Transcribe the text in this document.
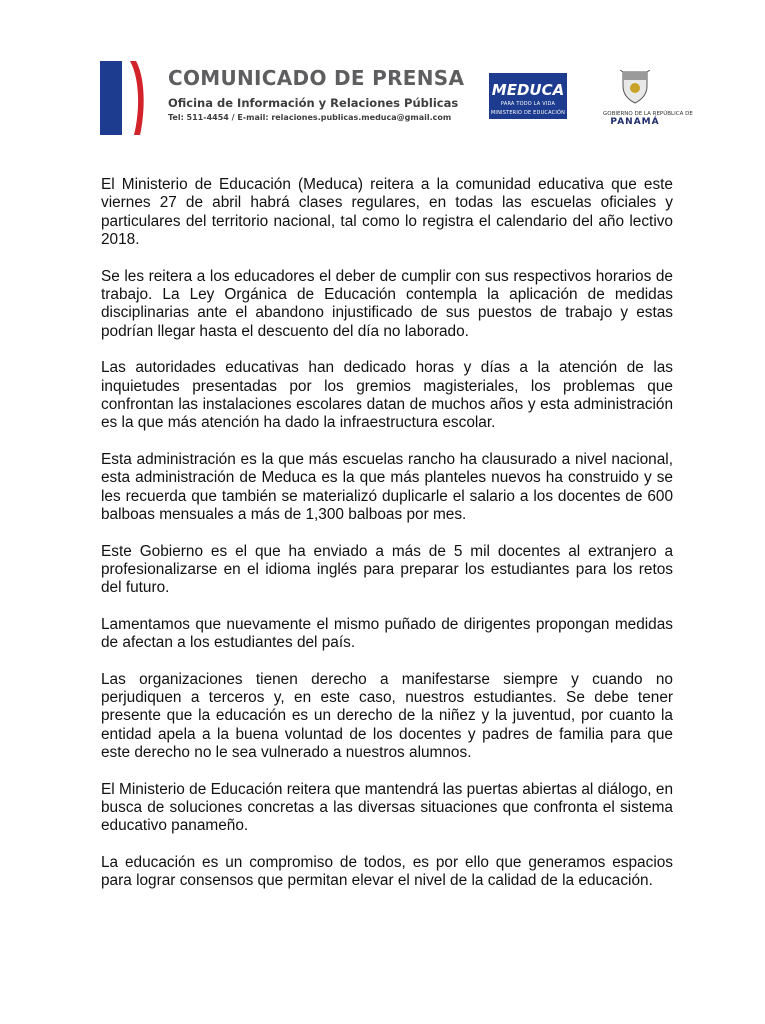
COMUNICADO DE PRENSA
Oficina de Información y Relaciones Públicas
Tel: 511-4454 / E-mail: relaciones.publicas.meduca@gmail.com
MEDUCA
PARA TODO LA VIDA
MINISTERIO DE EDUCACIÓN	GOBIERNO DE LA REPÚBLICA DE
PANAMÁ

El Ministerio de Educación (Meduca) reitera a la comunidad educativa que este viernes 27 de abril habrá clases regulares, en todas las escuelas oficiales y particulares del territorio nacional, tal como lo registra el calendario del año lectivo 2018.

Se les reitera a los educadores el deber de cumplir con sus respectivos horarios de trabajo. La Ley Orgánica de Educación contempla la aplicación de medidas disciplinarias ante el abandono injustificado de sus puestos de trabajo y estas podrían llegar hasta el descuento del día no laborado.

Las autoridades educativas han dedicado horas y días a la atención de las inquietudes presentadas por los gremios magisteriales, los problemas que confrontan las instalaciones escolares datan de muchos años y esta administración es la que más atención ha dado la infraestructura escolar.

Esta administración es la que más escuelas rancho ha clausurado a nivel nacional, esta administración de Meduca es la que más planteles nuevos ha construido y se les recuerda que también se materializó duplicarle el salario a los docentes de 600 balboas mensuales a más de 1,300 balboas por mes.

Este Gobierno es el que ha enviado a más de 5 mil docentes al extranjero a profesionalizarse en el idioma inglés para preparar los estudiantes para los retos del futuro.

Lamentamos que nuevamente el mismo puñado de dirigentes propongan medidas de afectan a los estudiantes del país.

Las organizaciones tienen derecho a manifestarse siempre y cuando no perjudiquen a terceros y, en este caso, nuestros estudiantes. Se debe tener presente que la educación es un derecho de la niñez y la juventud, por cuanto la entidad apela a la buena voluntad de los docentes y padres de familia para que este derecho no le sea vulnerado a nuestros alumnos.

El Ministerio de Educación reitera que mantendrá las puertas abiertas al diálogo, en busca de soluciones concretas a las diversas situaciones que confronta el sistema educativo panameño.

La educación es un compromiso de todos, es por ello que generamos espacios para lograr consensos que permitan elevar el nivel de la calidad de la educación.
